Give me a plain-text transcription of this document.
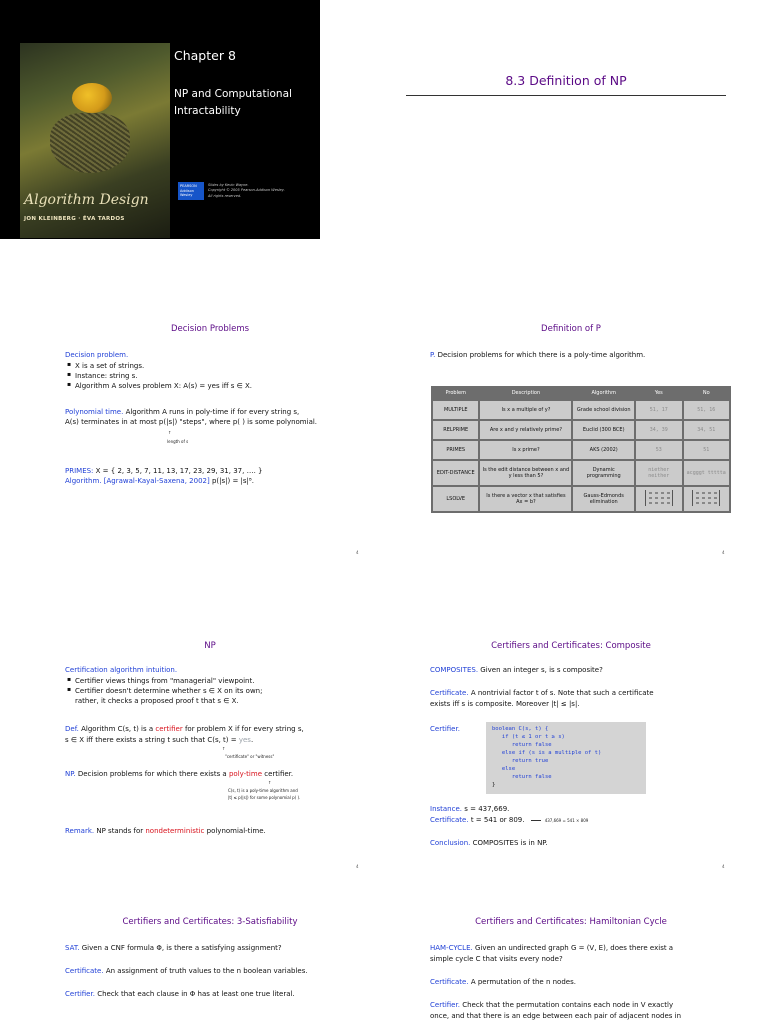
Algorithm Design
JON KLEINBERG · ÉVA TARDOS
Chapter 8
NP and Computational Intractability
PEARSON Addison Wesley
Slides by Kevin Wayne.
Copyright © 2005 Pearson-Addison Wesley.
All rights reserved.
8.3 Definition of NP
Decision Problems
Decision problem.
▪ X is a set of strings.
▪ Instance: string s.
▪ Algorithm A solves problem X: A(s) = yes iff s ∈ X.
Polynomial time. Algorithm A runs in poly-time if for every string s,
A(s) terminates in at most p(|s|) "steps", where p( ) is some polynomial.
↑
length of s
PRIMES: X = { 2, 3, 5, 7, 11, 13, 17, 23, 29, 31, 37, …. }
Algorithm. [Agrawal-Kayal-Saxena, 2002] p(|s|) = |s|⁸.
4
Definition of P
P. Decision problems for which there is a poly-time algorithm.
Problem	Description	Algorithm	Yes	No
MULTIPLE	Is x a multiple of y?	Grade school division	51, 17	51, 16
RELPRIME	Are x and y relatively prime?	Euclid (300 BCE)	34, 39	34, 51
PRIMES	Is x prime?	AKS (2002)	53	51
EDIT-DISTANCE	Is the edit distance between x and y less than 5?	Dynamic programming	niether neither	acgggt ttttta
LSOLVE	Is there a vector x that satisfies Ax = b?	Gauss-Edmonds elimination		
4
NP
Certification algorithm intuition.
▪ Certifier views things from "managerial" viewpoint.
▪ Certifier doesn't determine whether s ∈ X on its own;
rather, it checks a proposed proof t that s ∈ X.
Def. Algorithm C(s, t) is a certifier for problem X if for every string s,
s ∈ X iff there exists a string t such that C(s, t) = yes.
↑
"certificate" or "witness"
NP. Decision problems for which there exists a poly-time certifier.
↑
C(s, t) is a poly-time algorithm and
|t| ≤ p(|s|) for some polynomial p( ).
Remark. NP stands for nondeterministic polynomial-time.
4
Certifiers and Certificates: Composite
COMPOSITES. Given an integer s, is s composite?
Certificate. A nontrivial factor t of s. Note that such a certificate
exists iff s is composite. Moreover |t| ≤ |s|.
Certifier.	boolean C(s, t) {
if (t ≤ 1 or t ≥ s)
return false
else if (s is a multiple of t)
return true
else
return false
}
Instance. s = 437,669.
Certificate. t = 541 or 809.	437,669 = 541 × 809
Conclusion. COMPOSITES is in NP.
4
Certifiers and Certificates: 3-Satisfiability
SAT. Given a CNF formula Φ, is there a satisfying assignment?
Certificate. An assignment of truth values to the n boolean variables.
Certifier. Check that each clause in Φ has at least one true literal.
Certifiers and Certificates: Hamiltonian Cycle
HAM-CYCLE. Given an undirected graph G = (V, E), does there exist a
simple cycle C that visits every node?
Certificate. A permutation of the n nodes.
Certifier. Check that the permutation contains each node in V exactly
once, and that there is an edge between each pair of adjacent nodes in
